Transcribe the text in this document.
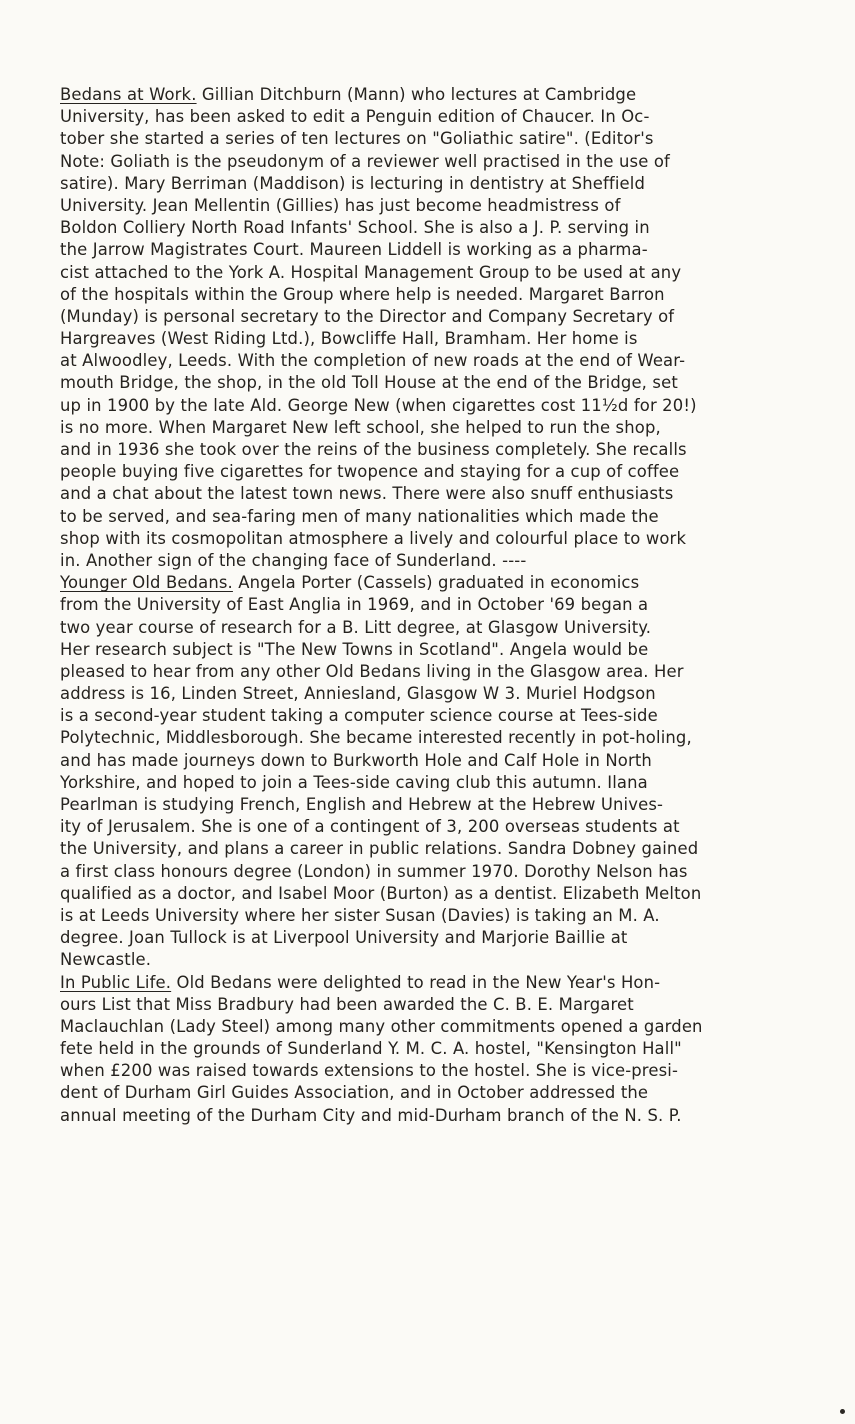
Bedans at Work. Gillian Ditchburn (Mann) who lectures at Cambridge
University, has been asked to edit a Penguin edition of Chaucer. In Oc-
tober she started a series of ten lectures on "Goliathic satire". (Editor's
Note: Goliath is the pseudonym of a reviewer well practised in the use of
satire). Mary Berriman (Maddison) is lecturing in dentistry at Sheffield
University. Jean Mellentin (Gillies) has just become headmistress of
Boldon Colliery North Road Infants' School. She is also a J. P. serving in
the Jarrow Magistrates Court. Maureen Liddell is working as a pharma-
cist attached to the York A. Hospital Management Group to be used at any
of the hospitals within the Group where help is needed. Margaret Barron
(Munday) is personal secretary to the Director and Company Secretary of
Hargreaves (West Riding Ltd.), Bowcliffe Hall, Bramham. Her home is
at Alwoodley, Leeds. With the completion of new roads at the end of Wear-
mouth Bridge, the shop, in the old Toll House at the end of the Bridge, set
up in 1900 by the late Ald. George New (when cigarettes cost 11½d for 20!)
is no more. When Margaret New left school, she helped to run the shop,
and in 1936 she took over the reins of the business completely. She recalls
people buying five cigarettes for twopence and staying for a cup of coffee
and a chat about the latest town news. There were also snuff enthusiasts
to be served, and sea-faring men of many nationalities which made the
shop with its cosmopolitan atmosphere a lively and colourful place to work
in. Another sign of the changing face of Sunderland. ----
Younger Old Bedans. Angela Porter (Cassels) graduated in economics
from the University of East Anglia in 1969, and in October '69 began a
two year course of research for a B. Litt degree, at Glasgow University.
Her research subject is "The New Towns in Scotland". Angela would be
pleased to hear from any other Old Bedans living in the Glasgow area. Her
address is 16, Linden Street, Anniesland, Glasgow W 3. Muriel Hodgson
is a second-year student taking a computer science course at Tees-side
Polytechnic, Middlesborough. She became interested recently in pot-holing,
and has made journeys down to Burkworth Hole and Calf Hole in North
Yorkshire, and hoped to join a Tees-side caving club this autumn. Ilana
Pearlman is studying French, English and Hebrew at the Hebrew Unives-
ity of Jerusalem. She is one of a contingent of 3, 200 overseas students at
the University, and plans a career in public relations. Sandra Dobney gained
a first class honours degree (London) in summer 1970. Dorothy Nelson has
qualified as a doctor, and Isabel Moor (Burton) as a dentist. Elizabeth Melton
is at Leeds University where her sister Susan (Davies) is taking an M. A.
degree. Joan Tullock is at Liverpool University and Marjorie Baillie at
Newcastle.
In Public Life. Old Bedans were delighted to read in the New Year's Hon-
ours List that Miss Bradbury had been awarded the C. B. E. Margaret
Maclauchlan (Lady Steel) among many other commitments opened a garden
fete held in the grounds of Sunderland Y. M. C. A. hostel, "Kensington Hall"
when £200 was raised towards extensions to the hostel. She is vice-presi-
dent of Durham Girl Guides Association, and in October addressed the
annual meeting of the Durham City and mid-Durham branch of the N. S. P.
